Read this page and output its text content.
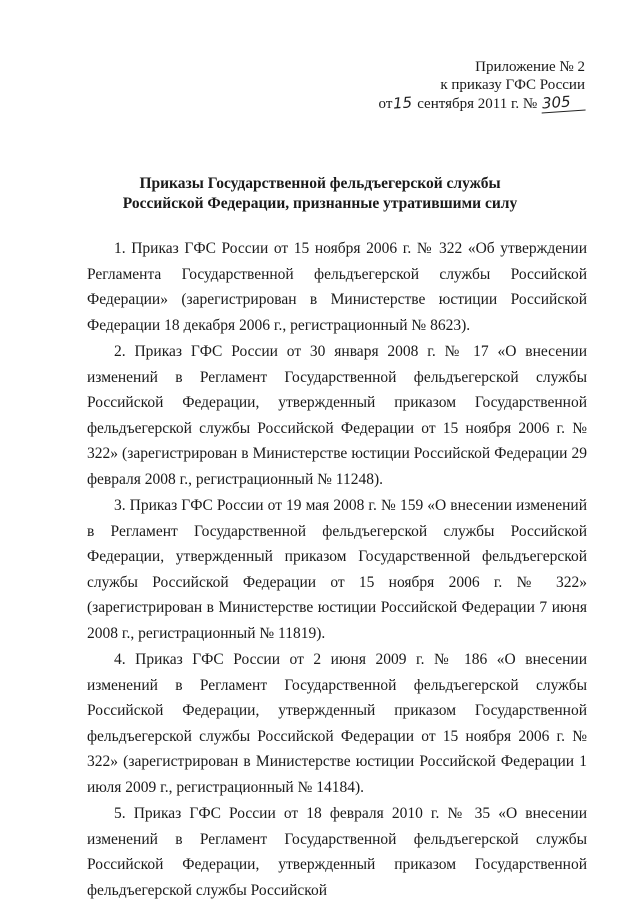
Приложение № 2
к приказу ГФС России
от15 сентября 2011 г. № 305
Приказы Государственной фельдъегерской службы Российской Федерации, признанные утратившими силу

1. Приказ ГФС России от 15 ноября 2006 г. № 322 «Об утверждении Регламента Государственной фельдъегерской службы Российской Федерации» (зарегистрирован в Министерстве юстиции Российской Федерации 18 декабря 2006 г., регистрационный № 8623).

2. Приказ ГФС России от 30 января 2008 г. № 17 «О внесении изменений в Регламент Государственной фельдъегерской службы Российской Федерации, утвержденный приказом Государственной фельдъегерской службы Российской Федерации от 15 ноября 2006 г. № 322» (зарегистрирован в Министерстве юстиции Российской Федерации 29 февраля 2008 г., регистрационный № 11248).

3. Приказ ГФС России от 19 мая 2008 г. № 159 «О внесении изменений в Регламент Государственной фельдъегерской службы Российской Федерации, утвержденный приказом Государственной фельдъегерской службы Российской Федерации от 15 ноября 2006 г. № 322» (зарегистрирован в Министерстве юстиции Российской Федерации 7 июня 2008 г., регистрационный № 11819).

4. Приказ ГФС России от 2 июня 2009 г. № 186 «О внесении изменений в Регламент Государственной фельдъегерской службы Российской Федерации, утвержденный приказом Государственной фельдъегерской службы Российской Федерации от 15 ноября 2006 г. № 322» (зарегистрирован в Министерстве юстиции Российской Федерации 1 июля 2009 г., регистрационный № 14184).

5. Приказ ГФС России от 18 февраля 2010 г. № 35 «О внесении изменений в Регламент Государственной фельдъегерской службы Российской Федерации, утвержденный приказом Государственной фельдъегерской службы Российской
